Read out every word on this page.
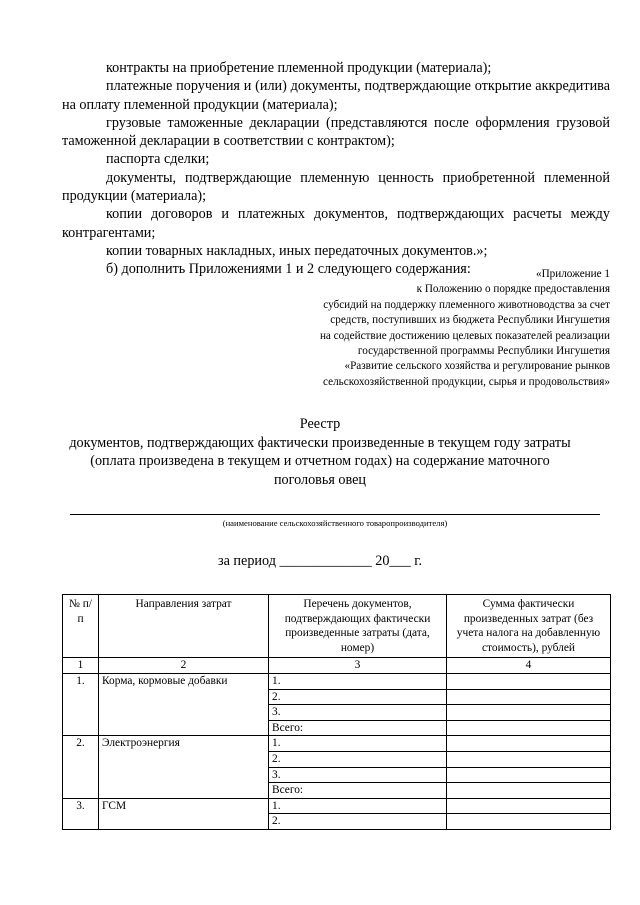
контракты на приобретение племенной продукции (материала);

платежные поручения и (или) документы, подтверждающие открытие аккредитива на оплату племенной продукции (материала);

грузовые таможенные декларации (представляются после оформления грузовой таможенной декларации в соответствии с контрактом);

паспорта сделки;

документы, подтверждающие племенную ценность приобретенной племенной продукции (материала);

копии договоров и платежных документов, подтверждающих расчеты между контрагентами;

копии товарных накладных, иных передаточных документов.»;

б) дополнить Приложениями 1 и 2 следующего содержания:	«Приложение 1
к Положению о порядке предоставления
субсидий на поддержку племенного животноводства за счет
средств, поступивших из бюджета Республики Ингушетия
на содействие достижению целевых показателей реализации
государственной программы Республики Ингушетия
«Развитие сельского хозяйства и регулирование рынков
сельскохозяйственной продукции, сырья и продовольствия»
Реестр
документов, подтверждающих фактически произведенные в текущем году затраты
(оплата произведена в текущем и отчетном годах) на содержание маточного
поголовья овец
(наименование сельскохозяйственного товаропроизводителя)
за период _____________ 20___ г.
№ п/п	Направления затрат	Перечень документов, подтверждающих фактически произведенные затраты (дата, номер)	Сумма фактически произведенных затрат (без учета налога на добавленную стоимость), рублей
1	2	3	4
1.	Корма, кормовые добавки	1.	
		2.	
		3.	
		Всего:	
2.	Электроэнергия	1.	
		2.	
		3.	
		Всего:	
3.	ГСМ	1.	
		2.	
